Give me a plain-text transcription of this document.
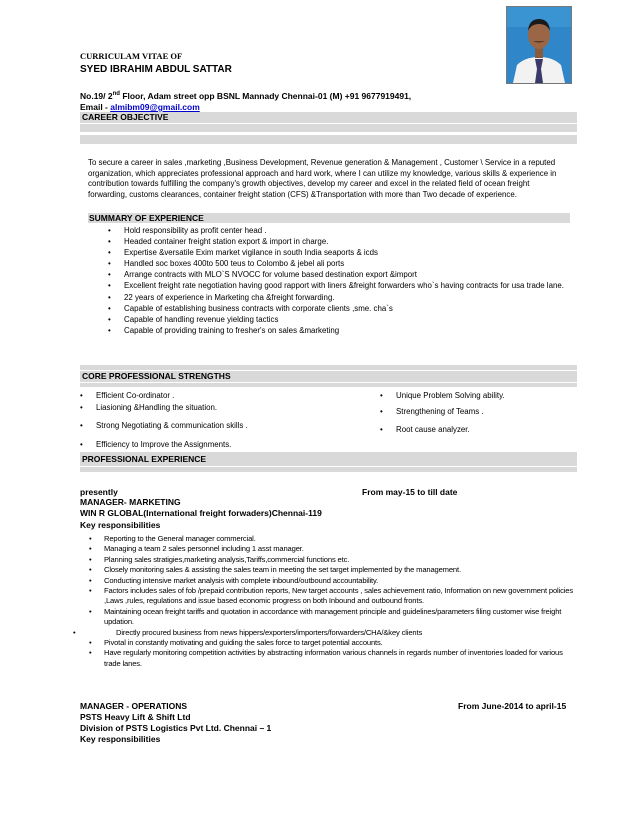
CURRICULAM VITAE OF
SYED IBRAHIM ABDUL SATTAR
No.19/ 2nd Floor, Adam street opp BSNL Mannady Chennai-01 (M) +91 9677919491,
Email - almibm09@gmail.com
CAREER OBJECTIVE
To secure a career in sales ,marketing ,Business Development, Revenue generation & Management , Customer \ Service in a reputed organization, which appreciates professional approach and hard work, where I can utilize my knowledge, various skills & experience in contribution towards fulfilling the company's growth objectives, develop my career and excel in the related field of ocean freight forwarding, customs clearances, container freight station (CFS) &Transportation with more than Two decade of experience.
SUMMARY OF EXPERIENCE
• Hold responsibility as profit center head .
• Headed container freight station export & import in charge.
• Expertise &versatile Exim market vigilance in south India seaports & icds
• Handled soc boxes 400to 500 teus to Colombo & jebel ali ports
• Arrange contracts with MLO`S NVOCC for volume based destination export &import
• Excellent freight rate negotiation having good rapport with liners &freight forwarders who`s having contracts for usa trade lane.
• 22 years of experience in Marketing cha &freight forwarding.
• Capable of establishing business contracts with corporate clients ,sme. cha`s
• Capable of handling revenue yielding tactics
• Capable of providing training to fresher's on sales &marketing
CORE PROFESSIONAL STRENGTHS
• Efficient Co-ordinator .
• Liasioning &Handling the situation.
• Strong Negotiating & communication skills .
• Efficiency to Improve the Assignments.
• Unique Problem Solving ability.
• Strengthening of Teams .
• Root cause analyzer.
PROFESSIONAL EXPERIENCE
presently	From may-15 to till date
MANAGER- MARKETING
WIN R GLOBAL(International freight forwaders)Chennai-119
Key responsibilities
• Reporting to the General manager commercial.
• Managing a team 2 sales personnel including 1 asst manager.
• Planning sales stratigies,marketing analysis,Tariffs,commercial functions etc.
• Closely monitoring sales & assisting the sales team in meeting the set target implemented by the management.
• Conducting intensive market analysis with complete inbound/outbound accountability.
• Factors includes sales of fob /prepaid contribution reports, New target accounts , sales achievement ratio, Information on new government policies ,Laws ,rules, regulations and issue based economic progress on both Inbound and outbound fronts.
• Maintaining ocean freight tariffs and quotation in accordance with management principle and guidelines/parameters filing customer wise freight updation.
• Directly procured business from news hippers/exporters/importers/forwarders/CHA/&key clients
• Pivotal in constantly motivating and guiding the sales force to target potential accounts.
• Have regularly monitoring competition activities by abstracting information various channels in regards number of inventories loaded for various trade lanes.
MANAGER - OPERATIONS	From June-2014 to april-15
PSTS Heavy Lift & Shift Ltd
Division of PSTS Logistics Pvt Ltd. Chennai – 1
Key responsibilities
